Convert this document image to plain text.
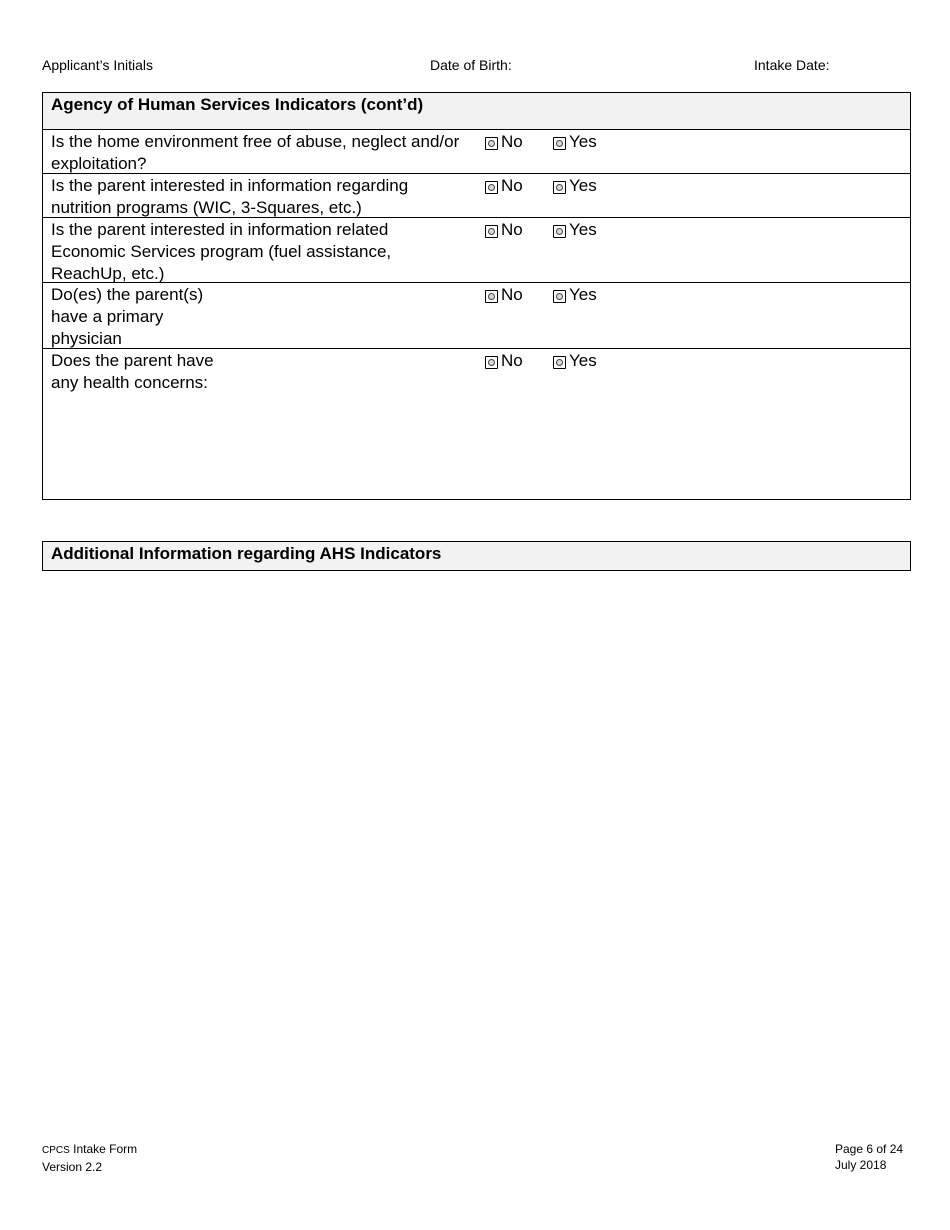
Applicant’s Initials	Date of Birth:	Intake Date:
Agency of Human Services Indicators (cont’d)
Is the home environment free of abuse, neglect and/or exploitation?
No	Yes
Is the parent interested in information regarding nutrition programs (WIC, 3-Squares, etc.)
No	Yes
Is the parent interested in information related Economic Services program (fuel assistance, ReachUp, etc.)
No	Yes
Do(es) the parent(s)
have a primary
physician
No	Yes
Does the parent have
any health concerns:
No	Yes
Additional Information regarding AHS Indicators
CPCS Intake Form
Version 2.2
Page 6 of 24
July 2018
